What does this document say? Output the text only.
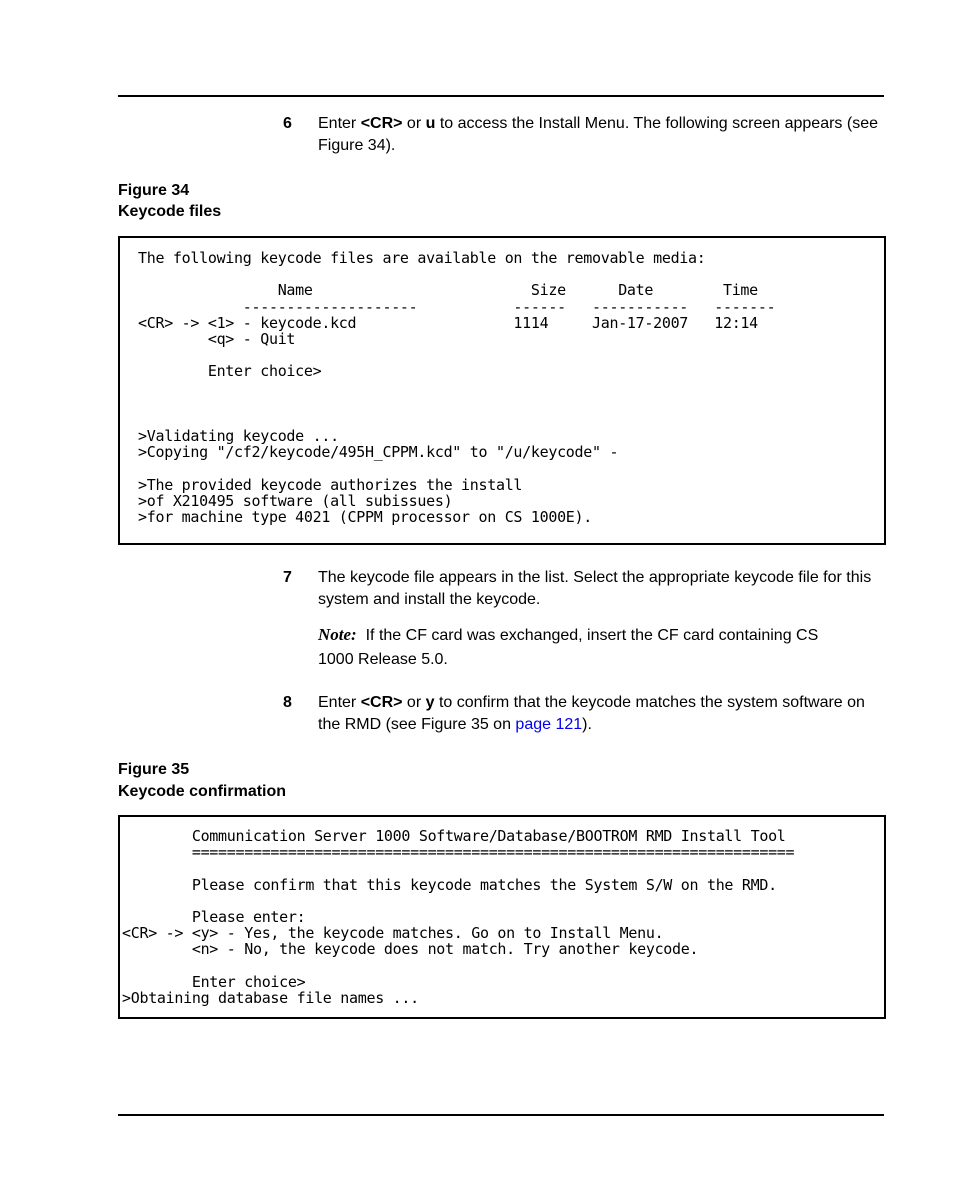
6 Enter <CR> or u to access the Install Menu. The following screen appears (see Figure 34).
Figure 34
Keycode files
The following keycode files are available on the removable media:

Name                         Size      Date        Time
--------------------           ------   -----------   -------
<CR> -> <1> - keycode.kcd                  1114     Jan-17-2007   12:14
<q> - Quit

Enter choice>

>Validating keycode ...
>Copying "/cf2/keycode/495H_CPPM.kcd" to "/u/keycode" -

>The provided keycode authorizes the install
>of X210495 software (all subissues)
>for machine type 4021 (CPPM processor on CS 1000E).
7 The keycode file appears in the list. Select the appropriate keycode file for this system and install the keycode.
Note: If the CF card was exchanged, insert the CF card containing CS 1000 Release 5.0.
8 Enter <CR> or y to confirm that the keycode matches the system software on the RMD (see Figure 35 on page 121).
Figure 35
Keycode confirmation
Communication Server 1000 Software/Database/BOOTROM RMD Install Tool
=====================================================================

Please confirm that this keycode matches the System S/W on the RMD.

Please enter:
<CR> -> <y> - Yes, the keycode matches. Go on to Install Menu.
<n> - No, the keycode does not match. Try another keycode.

Enter choice>
>Obtaining database file names ...
